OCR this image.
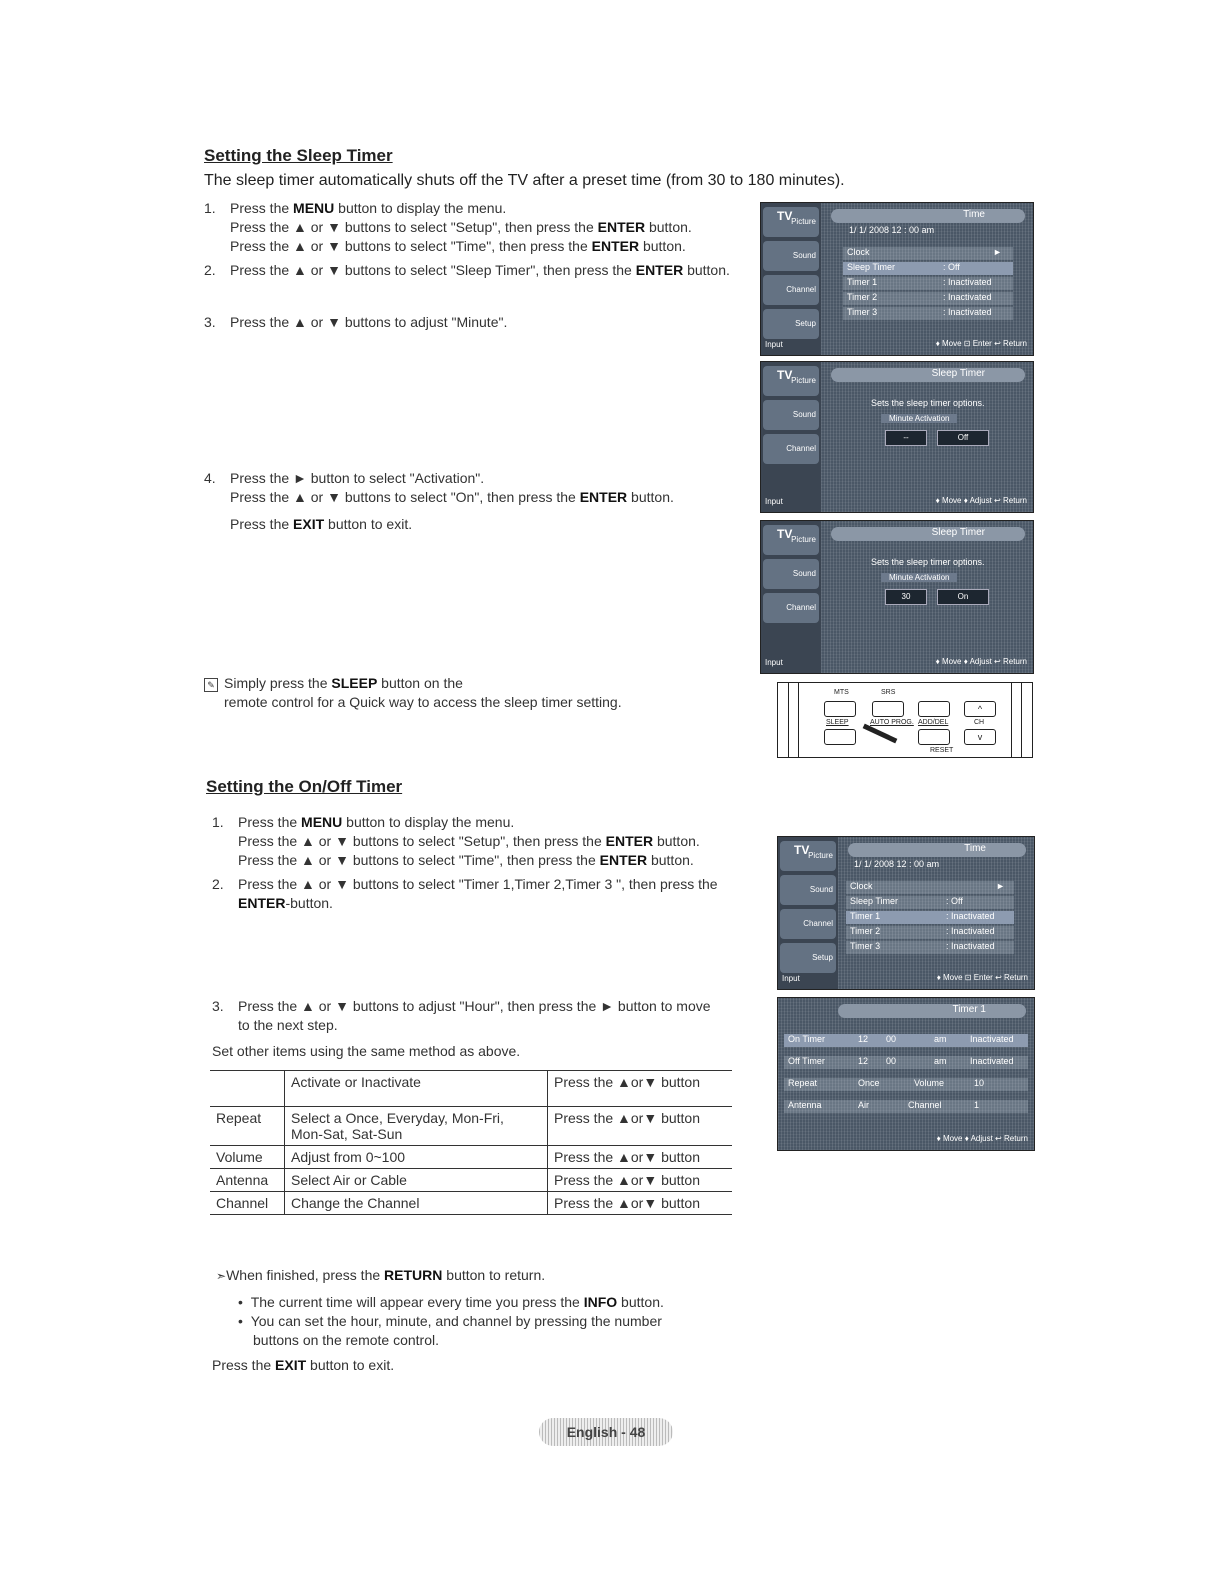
Setting the Sleep Timer
The sleep timer automatically shuts off the TV after a preset time (from 30 to 180 minutes).
1. Press the MENU button to display the menu.
Press the ▲ or ▼ buttons to select "Setup", then press the ENTER button.
Press the ▲ or ▼ buttons to select "Time", then press the ENTER button.
2. Press the ▲ or ▼ buttons to select "Sleep Timer", then press the ENTER button.
3. Press the ▲ or ▼ buttons to adjust "Minute".
4. Press the ► button to select "Activation".
Press the ▲ or ▼ buttons to select "On", then press the ENTER button.
Press the EXIT button to exit.
✎ Simply press the SLEEP button on the
remote control for a Quick way to access the sleep timer setting.
Picture
Sound
Channel
Setup
TV	Time
1/ 1/ 2008 12 : 00 am
Clock	►
Sleep Timer	: Off
Timer 1	: Inactivated
Timer 2	: Inactivated
Timer 3	: Inactivated
Input	♦ Move ⊡ Enter ↩ Return
Picture
Sound
Channel
TV	Sleep Timer
Sets the sleep timer options.
Minute Activation
--	Off
Input	♦ Move ♦ Adjust ↩ Return
Picture
Sound
Channel
TV	Sleep Timer
Sets the sleep timer options.
Minute Activation
30	On
Input	♦ Move ♦ Adjust ↩ Return
MTS	SRS
^
SLEEP	AUTO PROG. ADD/DEL	CH
v
RESET
Setting the On/Off Timer
1. Press the MENU button to display the menu.
Press the ▲ or ▼ buttons to select "Setup", then press the ENTER button.
Press the ▲ or ▼ buttons to select "Time", then press the ENTER button.
2. Press the ▲ or ▼ buttons to select "Timer 1,Timer 2,Timer 3 ", then press the
ENTER-button.
3. Press the ▲ or ▼ buttons to adjust "Hour", then press the ► button to move
to the next step.
Set other items using the same method as above.
	Activate or Inactivate	Press the ▲or▼ button
Repeat	Select a Once, Everyday, Mon-Fri,
Mon-Sat, Sat-Sun	Press the ▲or▼ button
Volume	Adjust from 0~100	Press the ▲or▼ button
Antenna	Select Air or Cable	Press the ▲or▼ button
Channel	Change the Channel	Press the ▲or▼ button
➣When finished, press the RETURN button to return.
•  The current time will appear every time you press the INFO button.
•  You can set the hour, minute, and channel by pressing the number
buttons on the remote control.
Press the EXIT button to exit.
Picture
Sound
Channel
Setup
TV	Time
1/ 1/ 2008 12 : 00 am
Clock	►
Sleep Timer	: Off
Timer 1	: Inactivated
Timer 2	: Inactivated
Timer 3	: Inactivated
Input	♦ Move ⊡ Enter ↩ Return
Timer 1
On Timer	12 00	am	Inactivated
Off Timer	12 00	am	Inactivated
Repeat	Once	Volume	10
Antenna	Air	Channel	1
♦ Move ♦ Adjust ↩ Return
English - 48
